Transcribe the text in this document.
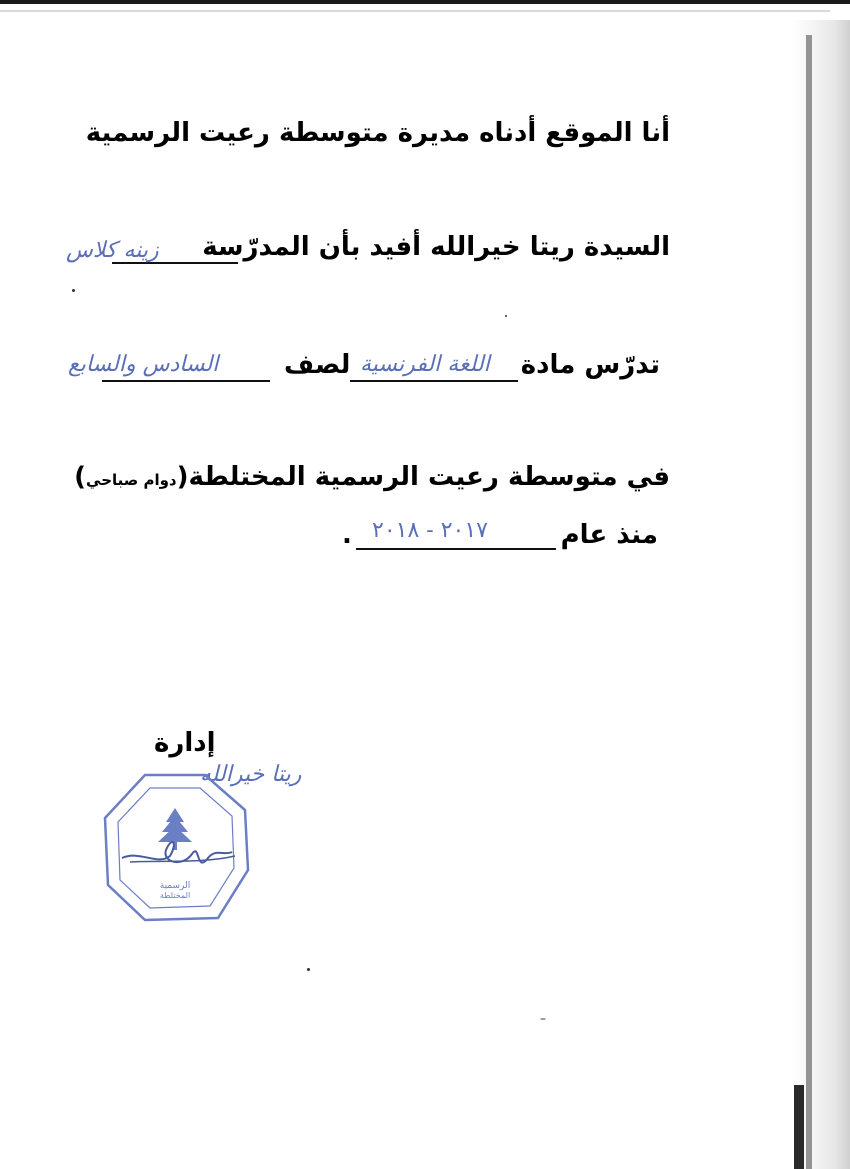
أنا الموقع أدناه مديرة متوسطة رعيت الرسمية
السيدة ريتا خيرالله أفيد بأن المدرّسة
زينه كلاس
تدرّس مادة
اللغة الفرنسية
لصف
السادس والسابع
في متوسطة رعيت الرسمية المختلطة(دوام صباحي)
منذ عام
٢٠١٧ - ٢٠١٨
.
إدارة
ريتا خيرالله
الرسمية
المختلطة
